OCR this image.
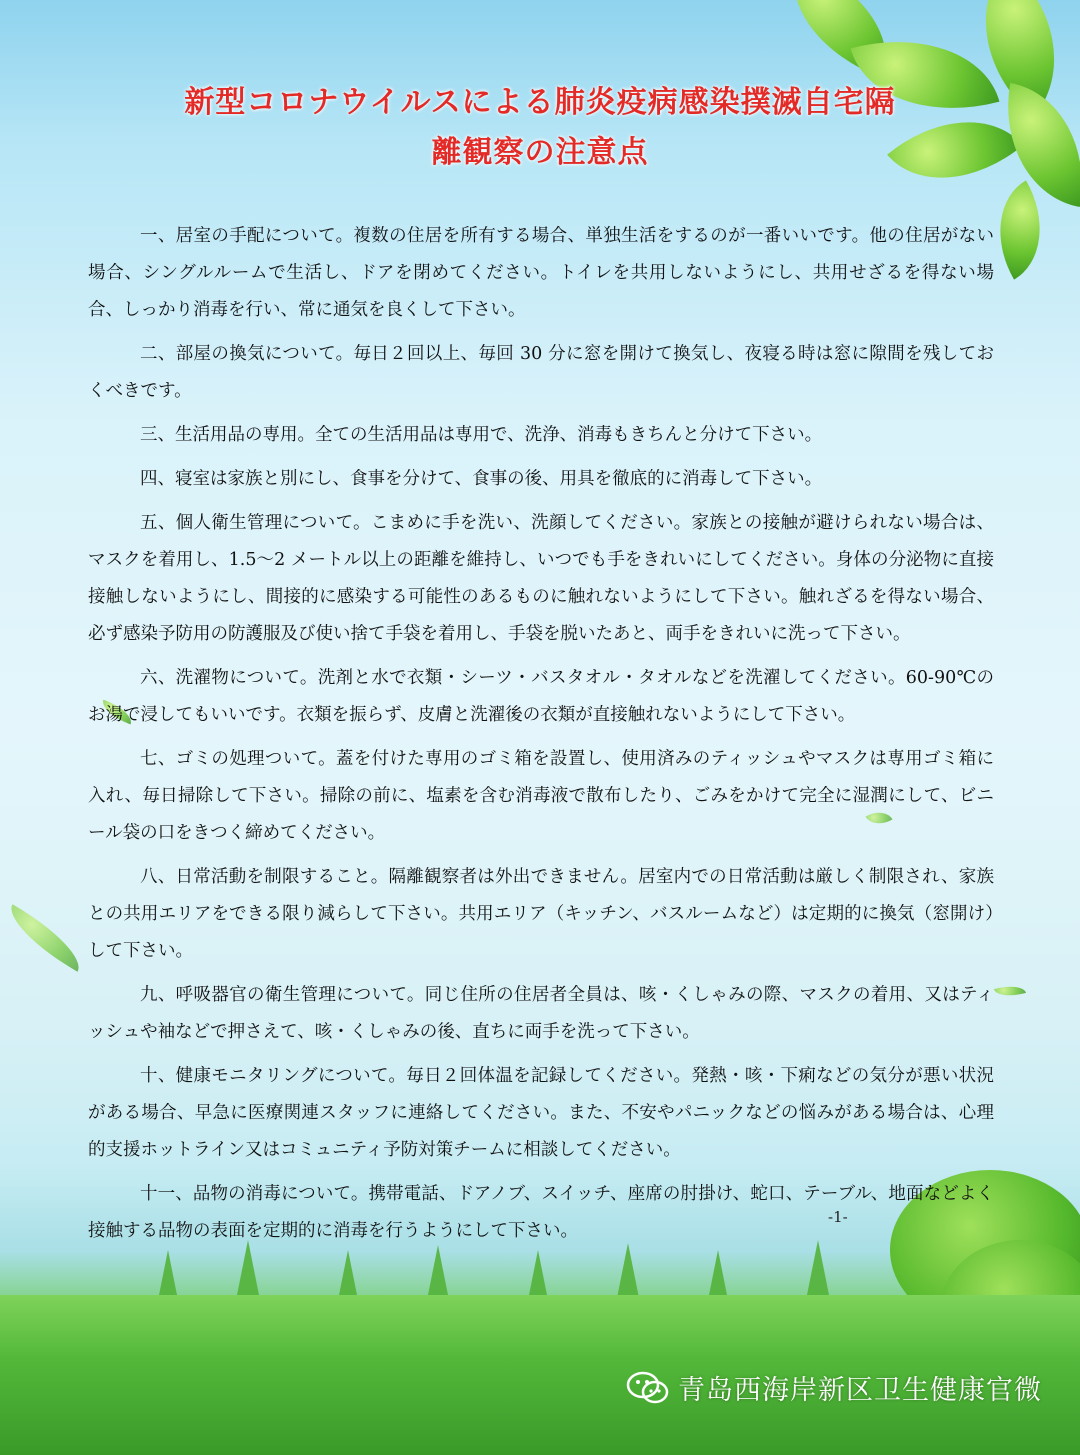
新型コロナウイルスによる肺炎疫病感染撲滅自宅隔
離観察の注意点

一、居室の手配について。複数の住居を所有する場合、単独生活をするのが一番いいです。他の住居がない場合、シングルルームで生活し、ドアを閉めてください。トイレを共用しないようにし、共用せざるを得ない場合、しっかり消毒を行い、常に通気を良くして下さい。

二、部屋の換気について。毎日２回以上、毎回 30 分に窓を開けて換気し、夜寝る時は窓に隙間を残しておくべきです。

三、生活用品の専用。全ての生活用品は専用で、洗浄、消毒もきちんと分けて下さい。

四、寝室は家族と別にし、食事を分けて、食事の後、用具を徹底的に消毒して下さい。

五、個人衛生管理について。こまめに手を洗い、洗顔してください。家族との接触が避けられない場合は、マスクを着用し、1.5～2 メートル以上の距離を維持し、いつでも手をきれいにしてください。身体の分泌物に直接接触しないようにし、間接的に感染する可能性のあるものに触れないようにして下さい。触れざるを得ない場合、必ず感染予防用の防護服及び使い捨て手袋を着用し、手袋を脱いたあと、両手をきれいに洗って下さい。

六、洗濯物について。洗剤と水で衣類・シーツ・バスタオル・タオルなどを洗濯してください。60-90℃のお湯で浸してもいいです。衣類を振らず、皮膚と洗濯後の衣類が直接触れないようにして下さい。

七、ゴミの処理ついて。蓋を付けた専用のゴミ箱を設置し、使用済みのティッシュやマスクは専用ゴミ箱に入れ、毎日掃除して下さい。掃除の前に、塩素を含む消毒液で散布したり、ごみをかけて完全に湿潤にして、ビニール袋の口をきつく締めてください。

八、日常活動を制限すること。隔離観察者は外出できません。居室内での日常活動は厳しく制限され、家族との共用エリアをできる限り減らして下さい。共用エリア（キッチン、バスルームなど）は定期的に換気（窓開け）して下さい。

九、呼吸器官の衛生管理について。同じ住所の住居者全員は、咳・くしゃみの際、マスクの着用、又はティッシュや袖などで押さえて、咳・くしゃみの後、直ちに両手を洗って下さい。

十、健康モニタリングについて。毎日２回体温を記録してください。発熱・咳・下痢などの気分が悪い状況がある場合、早急に医療関連スタッフに連絡してください。また、不安やパニックなどの悩みがある場合は、心理的支援ホットライン又はコミュニティ予防対策チームに相談してください。

十一、品物の消毒について。携帯電話、ドアノブ、スイッチ、座席の肘掛け、蛇口、テーブル、地面などよく接触する品物の表面を定期的に消毒を行うようにして下さい。

-1-
青岛西海岸新区卫生健康官微
